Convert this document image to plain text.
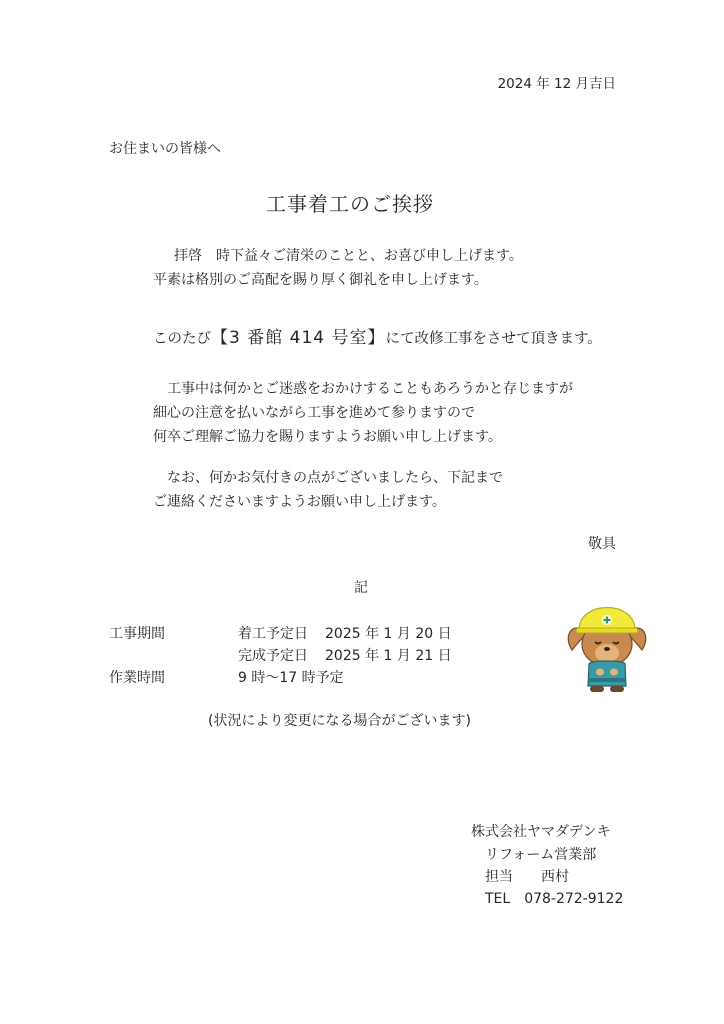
2024 年 12 月吉日
お住まいの皆様へ
工事着工のご挨拶
拝啓　時下益々ご清栄のことと、お喜び申し上げます。
平素は格別のご高配を賜り厚く御礼を申し上げます。
このたび【3 番館 414 号室】にて改修工事をさせて頂きます。
工事中は何かとご迷惑をおかけすることもあろうかと存じますが
細心の注意を払いながら工事を進めて参りますので
何卒ご理解ご協力を賜りますようお願い申し上げます。
なお、何かお気付きの点がございましたら、下記まで
ご連絡くださいますようお願い申し上げます。
敬具
記
工事期間	着工予定日 2025 年 1 月 20 日
完成予定日 2025 年 1 月 21 日
作業時間	9 時～17 時予定
(状況により変更になる場合がございます)
株式会社ヤマダデンキ
リフォーム営業部
担当　　西村
TEL　078-272-9122
